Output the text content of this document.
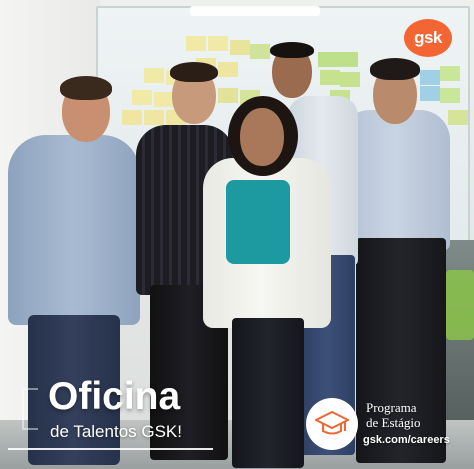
gsk
Oficina
de Talentos GSK!
Programa
de Estágio
gsk.com/careers
